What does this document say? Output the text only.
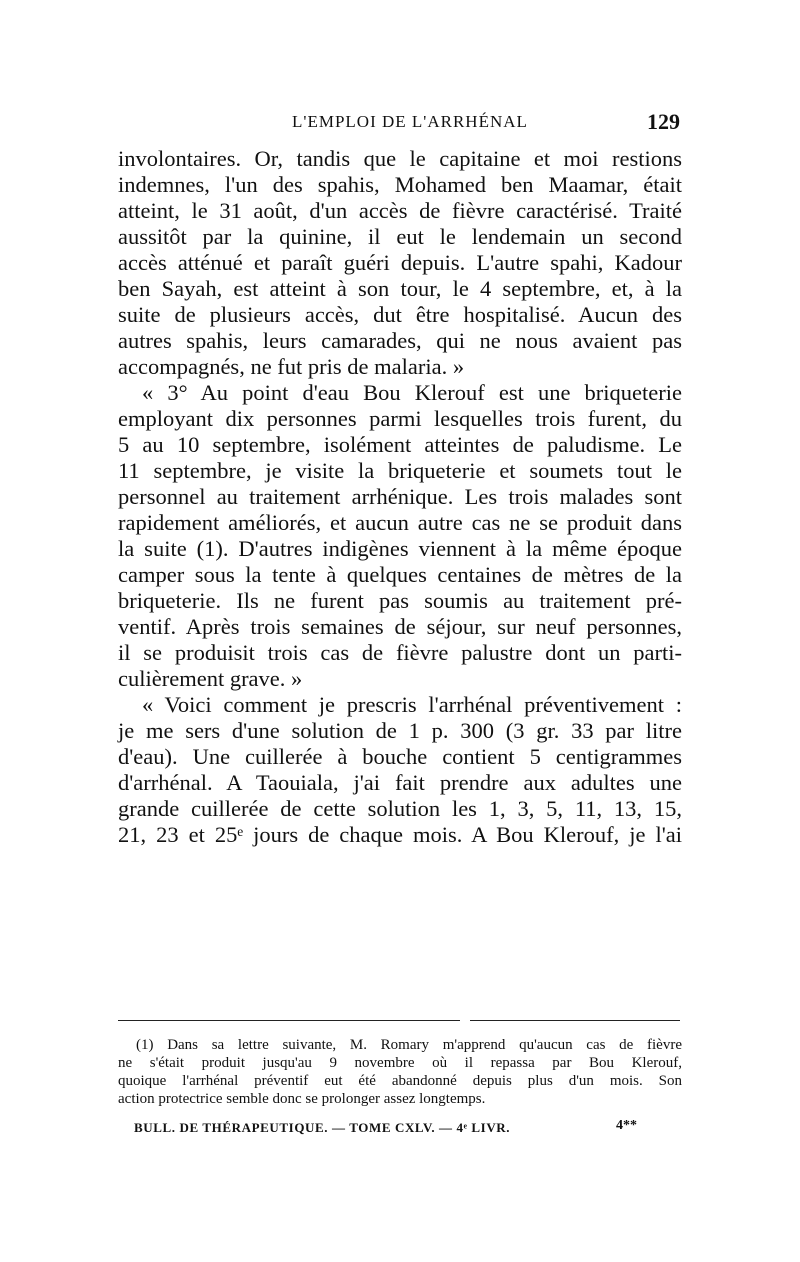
L'EMPLOI DE L'ARRHÉNAL	129
involontaires. Or, tandis que le capitaine et moi restions
indemnes, l'un des spahis, Mohamed ben Maamar, était
atteint, le 31 août, d'un accès de fièvre caractérisé. Traité
aussitôt par la quinine, il eut le lendemain un second
accès atténué et paraît guéri depuis. L'autre spahi, Kadour
ben Sayah, est atteint à son tour, le 4 septembre, et, à la
suite de plusieurs accès, dut être hospitalisé. Aucun des
autres spahis, leurs camarades, qui ne nous avaient pas
accompagnés, ne fut pris de malaria. »
« 3° Au point d'eau Bou Klerouf est une briqueterie
employant dix personnes parmi lesquelles trois furent, du
5 au 10 septembre, isolément atteintes de paludisme. Le
11 septembre, je visite la briqueterie et soumets tout le
personnel au traitement arrhénique. Les trois malades sont
rapidement améliorés, et aucun autre cas ne se produit dans
la suite (1). D'autres indigènes viennent à la même époque
camper sous la tente à quelques centaines de mètres de la
briqueterie. Ils ne furent pas soumis au traitement pré-
ventif. Après trois semaines de séjour, sur neuf personnes,
il se produisit trois cas de fièvre palustre dont un parti-
culièrement grave. »
« Voici comment je prescris l'arrhénal préventivement :
je me sers d'une solution de 1 p. 300 (3 gr. 33 par litre
d'eau). Une cuillerée à bouche contient 5 centigrammes
d'arrhénal. A Taouiala, j'ai fait prendre aux adultes une
grande cuillerée de cette solution les 1, 3, 5, 11, 13, 15,
21, 23 et 25ᵉ jours de chaque mois. A Bou Klerouf, je l'ai
(1) Dans sa lettre suivante, M. Romary m'apprend qu'aucun cas de fièvre
ne s'était produit jusqu'au 9 novembre où il repassa par Bou Klerouf,
quoique l'arrhénal préventif eut été abandonné depuis plus d'un mois. Son
action protectrice semble donc se prolonger assez longtemps.
BULL. DE THÉRAPEUTIQUE. — TOME CXLV. — 4ᵉ LIVR.	4**
